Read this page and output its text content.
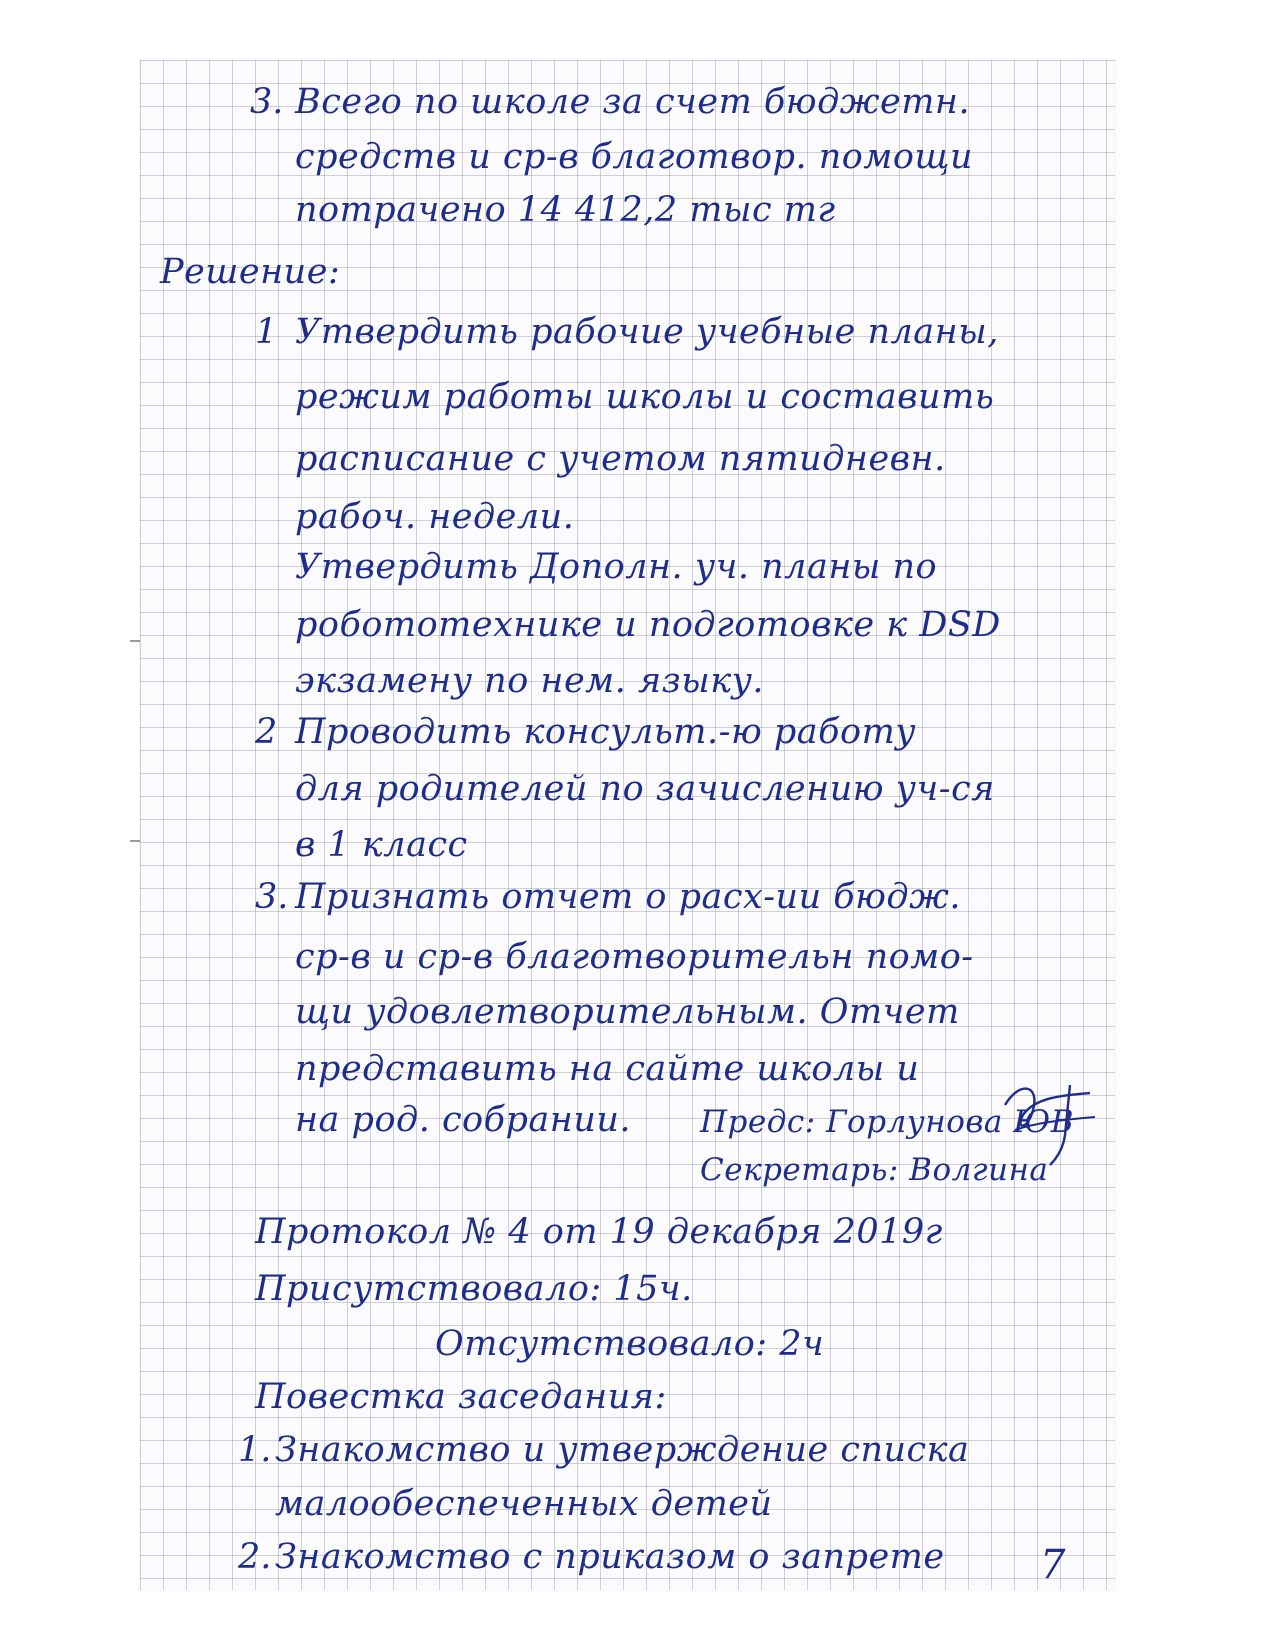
3. Всего по школе за счет бюджетн.
средств и ср-в благотвор. помощи
потрачено 14 412,2 тыс тг
Решение:
1 Утвердить рабочие учебные планы,
режим работы школы и составить
расписание с учетом пятидневн.
рабоч. недели.
Утвердить Дополн. уч. планы по
робототехнике и подготовке к DSD
экзамену по нем. языку.
2 Проводить консульт.-ю работу
для родителей по зачислению уч-ся
в 1 класс
3. Признать отчет о расх-ии бюдж.
ср-в и ср-в благотворительн помо-
щи удовлетворительным. Отчет
представить на сайте школы и
на род. собрании. Предс: Горлунова ЮВ
Секретарь: Волгина
Протокол № 4 от 19 декабря 2019г
Присутствовало: 15ч.
Отсутствовало: 2ч
Повестка заседания:
1. Знакомство и утверждение списка
малообеспеченных детей
2. Знакомство с приказом о запрете 7
